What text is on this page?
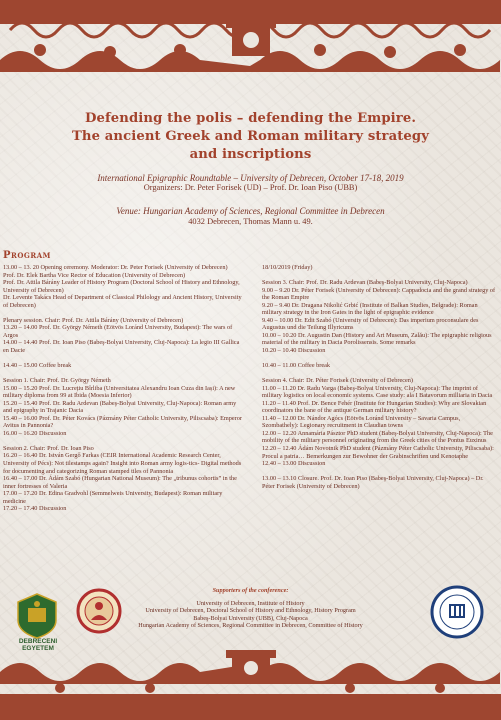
Defending the polis – defending the Empire.
The ancient Greek and Roman military strategy
and inscriptions
International Epigraphic Roundtable – University of Debrecen, October 17-18, 2019
Organizers: Dr. Peter Forisek (UD) – Prof. Dr. Ioan Piso (UBB)
Venue: Hungarian Academy of Sciences, Regional Committee in Debrecen
4032 Debrecen, Thomas Mann u. 49.
Program
13.00 – 13. 20 Opening ceremony. Moderator: Dr. Peter Forisek (University of Debrecen)
Prof. Dr. Elek Bartha Vice Rector of Education (University of Debrecen)
Prof. Dr. Attila Bárány Leader of History Program (Doctoral School of History and Ethnology, University of Debrecen)
Dr. Levente Takács Head of Department of Classical Philology and Ancient History, University of Debrecen)
Plenary session. Chair: Prof. Dr. Attila Bárány (University of Debrecen)
13.20 – 14.00 Prof. Dr. György Németh (Eötvös Loránd University, Budapest): The wars of Argos
14.00 – 14.40 Prof. Dr. Ioan Piso (Babeş-Bolyai University, Cluj-Napoca): La legio III Gallica en Dacie
14.40 – 15.00 Coffee break
Session 1. Chair: Prof. Dr. György Németh
15.00 – 15.20 Prof. Dr. Lucrețiu Bîrliba (Universitatea Alexandru Ioan Cuza din Iași): A new military diploma from 99 at Ibida (Moesia Inferior)
15.20 – 15.40 Prof. Dr. Radu Ardevan (Babeş-Bolyai University, Cluj-Napoca): Roman army and epigraphy in Trajanic Dacia
15.40 – 16.00 Prof. Dr. Péter Kovács (Pázmány Péter Catholic University, Piliscsaba): Emperor Avitus in Pannonia?
16.00 – 16.20 Discussion
Session 2. Chair: Prof. Dr. Ioan Piso
16.20 – 16.40 Dr. István Gergő Farkas (CEIR International Academic Research Center, University of Pécs): Not tilestamps again? Insight into Roman army logis-tics- Digital methods for documenting and categorizing Roman stamped tiles of Pannonia
16.40 – 17.00 Dr. Ádám Szabó (Hungarian National Museum): The „tribunus cohortis” in the inner fortresses of Valeria
17.00 – 17.20 Dr. Edina Gradvohl (Semmelweis University, Budapest): Roman military medicine
17.20 – 17.40 Discussion
18/10/2019 (Friday)
Session 3. Chair: Prof. Dr. Radu Ardevan (Babeş-Bolyai University, Cluj-Napoca)
9.00 – 9.20 Dr. Péter Forisek (University of Debrecen): Cappadocia and the grand strategy of the Roman Empire
9.20 – 9.40 Dr. Dragana Nikolić Grbić (Institute of Balkan Studies, Belgrade): Roman military strategy in the Iron Gates in the light of epigraphic evidence
9.40 – 10.00 Dr. Edit Szabó (University of Debrecen): Das imperium proconsulare des Augustus und die Teilung Illyricums
10.00 – 10.20 Dr. Augustin Dan (History and Art Museum, Zalău): The epigraphic religious material of the military in Dacia Porolissensis. Some remarks
10.20 – 10.40 Discussion
10.40 – 11.00 Coffee break
Session 4. Chair: Dr. Péter Forisek (University of Debrecen)
11.00 – 11.20 Dr. Radu Varga (Babeş-Bolyai University, Cluj-Napoca): The imprint of military logistics on local economic systems. Case study: ala I Batavorum milliaria in Dacia
11.20 – 11.40 Prof. Dr. Bence Fehér (Institute for Hungarian Studies): Why are Slovakian coordinators the bane of the antique German military history?
11.40 – 12.00 Dr. Nándor Agócs (Eötvös Loránd University – Savaria Campus, Szombathely): Legionary recruitment in Claudian towns
12.00 – 12.20 Annamária Pásztor PhD student (Babeş-Bolyai University, Cluj-Napoca): The mobility of the military personnel originating from the Greek cities of the Pontus Euxinus
12.20 – 12.40 Ádám Novotnik PhD student (Pázmány Péter Catholic University, Piliscsaba): Procul a patria… Bemerkungen zur Bewohner der Grabinschriften und Kenotaphe
12.40 – 13.00 Discussion
13.00 – 13.10 Closure. Prof. Dr. Ioan Piso (Babeş-Bolyai University, Cluj-Napoca) – Dr. Péter Forisek (University of Debrecen)
DEBRECENI EGYETEM
Supporters of the conference:
University of Debrecen, Institute of History
University of Debrecen, Doctoral School of History and Ethnology, History Program
Babeş-Bolyai University (UBB), Cluj-Napoca
Hungarian Academy of Sciences, Regional Committee in Debrecen, Committee of History
